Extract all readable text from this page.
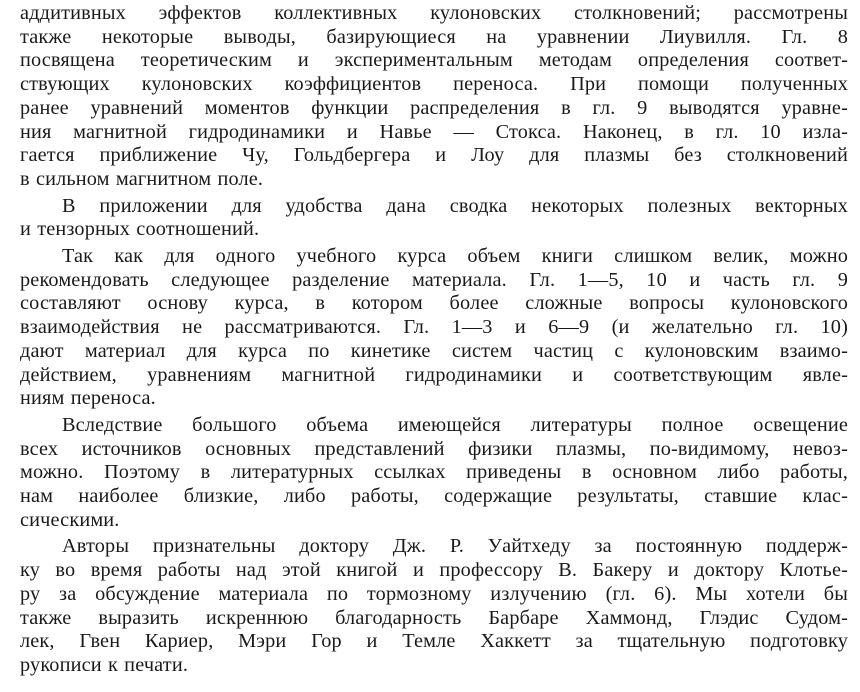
аддитивных эффектов коллективных кулоновских столкновений; рассмотрены
также некоторые выводы, базирующиеся на уравнении Лиувилля. Гл. 8
посвящена теоретическим и экспериментальным методам определения соответ-
ствующих кулоновских коэффициентов переноса. При помощи полученных
ранее уравнений моментов функции распределения в гл. 9 выводятся уравне-
ния магнитной гидродинамики и Навье — Стокса. Наконец, в гл. 10 изла-
гается приближение Чу, Гольдбергера и Лоу для плазмы без столкновений
в сильном магнитном поле.
В приложении для удобства дана сводка некоторых полезных векторных
и тензорных соотношений.
Так как для одного учебного курса объем книги слишком велик, можно
рекомендовать следующее разделение материала. Гл. 1—5, 10 и часть гл. 9
составляют основу курса, в котором более сложные вопросы кулоновского
взаимодействия не рассматриваются. Гл. 1—3 и 6—9 (и желательно гл. 10)
дают материал для курса по кинетике систем частиц с кулоновским взаимо-
действием, уравнениям магнитной гидродинамики и соответствующим явле-
ниям переноса.
Вследствие большого объема имеющейся литературы полное освещение
всех источников основных представлений физики плазмы, по-видимому, невоз-
можно. Поэтому в литературных ссылках приведены в основном либо работы,
нам наиболее близкие, либо работы, содержащие результаты, ставшие клас-
сическими.
Авторы признательны доктору Дж. Р. Уайтхеду за постоянную поддерж-
ку во время работы над этой книгой и профессору В. Бакеру и доктору Клотье-
ру за обсуждение материала по тормозному излучению (гл. 6). Мы хотели бы
также выразить искреннюю благодарность Барбаре Хаммонд, Глэдис Судом-
лек, Гвен Кариер, Мэри Гор и Темле Хаккетт за тщательную подготовку
рукописи к печати.
